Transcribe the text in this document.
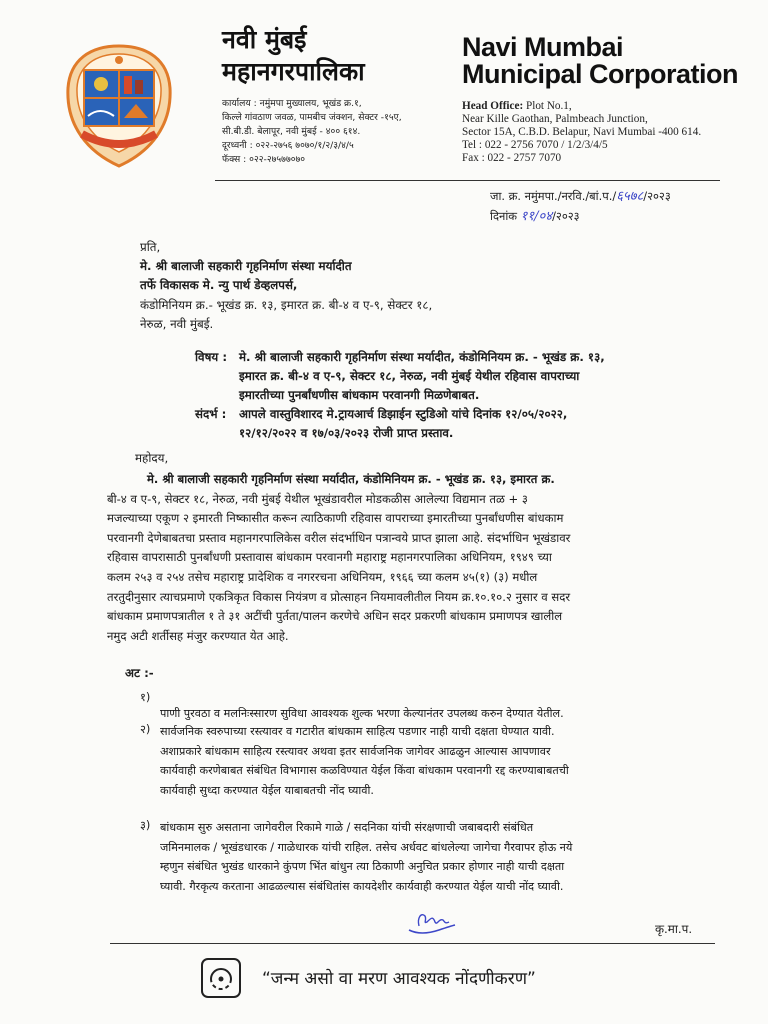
नवी मुंबई
महानगरपालिका
Navi Mumbai
Municipal Corporation
कार्यालय : नमुंमपा मुख्यालय, भूखंड क्र.१,
किल्ले गांवठाण जवळ, पामबीच जंक्शन, सेक्टर -१५ए,
सी.बी.डी. बेलापूर, नवी मुंबई - ४०० ६१४.
दूरध्वनी : ०२२-२७५६ ७०७०/१/२/३/४/५
फॅक्स : ०२२-२७५७७०७०
Head Office: Plot No.1,
Near Kille Gaothan, Palmbeach Junction,
Sector 15A, C.B.D. Belapur, Navi Mumbai -400 614.
Tel : 022 - 2756 7070 / 1/2/3/4/5
Fax : 022 - 2757 7070
जा. क्र. नमुंमपा./नरवि./बां.प./६५७८/२०२३
दिनांक ११/०४/२०२३
प्रति,
मे. श्री बालाजी सहकारी गृहनिर्माण संस्था मर्यादीत
तर्फे विकासक मे. न्यु पार्थ डेव्हलपर्स,
कंडोमिनियम क्र.- भूखंड क्र. १३, इमारत क्र. बी-४ व ए-९, सेक्टर १८,
नेरुळ, नवी मुंबई.
विषय : मे. श्री बालाजी सहकारी गृहनिर्माण संस्था मर्यादीत, कंडोमिनियम क्र. - भूखंड क्र. १३,
इमारत क्र. बी-४ व ए-९, सेक्टर १८, नेरुळ, नवी मुंबई येथील रहिवास वापराच्या
इमारतीच्या पुनर्बांधणीस बांधकाम परवानगी मिळणेबाबत.
संदर्भ : आपले वास्तुविशारद मे.ट्रायआर्च डिझाईन स्टुडिओ यांचे दिनांक १२/०५/२०२२,
१२/१२/२०२२ व १७/०३/२०२३ रोजी प्राप्त प्रस्ताव.
महोदय,
मे. श्री बालाजी सहकारी गृहनिर्माण संस्था मर्यादीत, कंडोमिनियम क्र. - भूखंड क्र. १३, इमारत क्र.
बी-४ व ए-९, सेक्टर १८, नेरुळ, नवी मुंबई येथील भूखंडावरील मोडकळीस आलेल्या विद्यमान तळ + ३
मजल्याच्या एकूण २ इमारती निष्कासीत करून त्याठिकाणी रहिवास वापराच्या इमारतीच्या पुनर्बांधणीस बांधकाम
परवानगी देणेबाबतचा प्रस्ताव महानगरपालिकेस वरील संदर्भाधिन पत्रान्वये प्राप्त झाला आहे. संदर्भाधिन भूखंडावर
रहिवास वापरासाठी पुनर्बांधणी प्रस्तावास बांधकाम परवानगी महाराष्ट्र महानगरपालिका अधिनियम, १९४९ च्या
कलम २५३ व २५४ तसेच महाराष्ट्र प्रादेशिक व नगररचना अधिनियम, १९६६ च्या कलम ४५(१) (३) मधील
तरतुदीनुसार त्याचप्रमाणे एकत्रिकृत विकास नियंत्रण व प्रोत्साहन नियमावलीतील नियम क्र.१०.१०.२ नुसार व सदर
बांधकाम प्रमाणपत्रातील १ ते ३१ अटींची पुर्तता/पालन करणेचे अधिन सदर प्रकरणी बांधकाम प्रमाणपत्र खालील
नमुद अटी शर्तीसह मंजुर करण्यात येत आहे.
अट :-
१)
पाणी पुरवठा व मलनिःस्सारण सुविधा आवश्यक शुल्क भरणा केल्यानंतर उपलब्ध करुन देण्यात येतील.
२) सार्वजनिक स्वरुपाच्या रस्त्यावर व गटारीत बांधकाम साहित्य पडणार नाही याची दक्षता घेण्यात यावी.
अशाप्रकारे बांधकाम साहित्य रस्त्यावर अथवा इतर सार्वजनिक जागेवर आढळुन आल्यास आपणावर
कार्यवाही करणेबाबत संबंधित विभागास कळविण्यात येईल किंवा बांधकाम परवानगी रद्द करण्याबाबतची
कार्यवाही सुध्दा करण्यात येईल याबाबतची नोंद घ्यावी.
३) बांधकाम सुरु असताना जागेवरील रिकामे गाळे / सदनिका यांची संरक्षणाची जबाबदारी संबंधित
जमिनमालक / भूखंडधारक / गाळेधारक यांची राहिल. तसेच अर्धवट बांधलेल्या जागेचा गैरवापर होऊ नये
म्हणुन संबंधित भुखंड धारकाने कुंपण भिंत बांधुन त्या ठिकाणी अनुचित प्रकार होणार नाही याची दक्षता
घ्यावी. गैरकृत्य करताना आढळल्यास संबंधितांस कायदेशीर कार्यवाही करण्यात येईल याची नोंद घ्यावी.
कृ.मा.प.
“जन्म असो वा मरण आवश्यक नोंदणीकरण”
